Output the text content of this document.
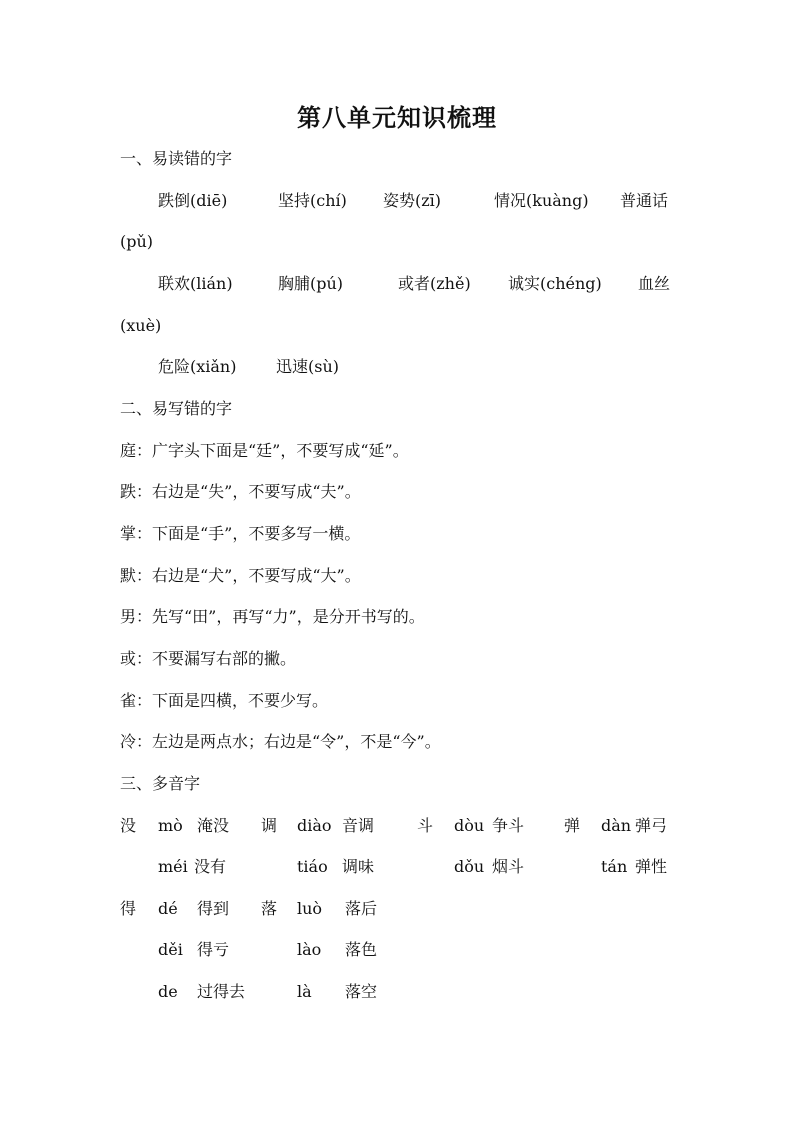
第八单元知识梳理
一、易读错的字
跌倒(diē)	坚持(chí) 姿势(zī)	情况(kuàng) 普通话
(pǔ)
联欢(lián)	胸脯(pú)	或者(zhě) 诚实(chéng) 血丝
(xuè)
危险(xiǎn) 迅速(sù)
二、易写错的字
庭：广字头下面是“廷”，不要写成“延”。
跌：右边是“失”，不要写成“夫”。
掌：下面是“手”，不要多写一横。
默：右边是“犬”，不要写成“大”。
男：先写“田”，再写“力”，是分开书写的。
或：不要漏写右部的撇。
雀：下面是四横，不要少写。
冷：左边是两点水；右边是“令”，不是“今”。
三、多音字
没 mò 淹没 调 diào 音调	斗 dòu 争斗 弹 dàn 弹弓
méi 没有	tiáo 调味	dǒu 烟斗	tán 弹性
得 dé 得到 落 luò 落后
děi 得亏	lào 落色
de 过得去	là 落空
